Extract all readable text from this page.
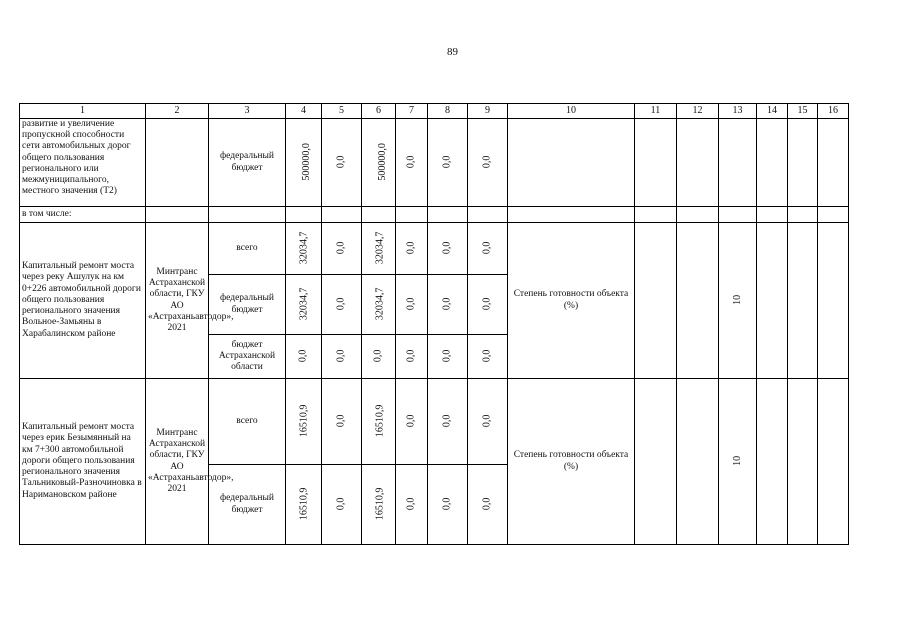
89
1	2	3	4	5	6	7	8	9	10	11	12	13	14	15	16
развитие и увеличение пропускной способности сети автомобильных дорог общего пользования регионального или межмуниципального, местного значения (Т2)		федеральный бюджет	500000,0	0,0	500000,0	0,0	0,0	0,0							
в том числе:															
Капитальный ремонт моста через реку Ашулук на км 0+226 автомобильной дороги общего пользования регионального значения Вольное-Замьяны в Харабалинском районе	Минтранс Астраханской области, ГКУ АО «Астраханьавтодор», 2021	всего	32034,7	0,0	32034,7	0,0	0,0	0,0	Степень готовности объекта (%)			10			
		федеральный бюджет	32034,7	0,0	32034,7	0,0	0,0	0,0							
		бюджет Астраханской области	0,0	0,0	0,0	0,0	0,0	0,0							
Капитальный ремонт моста через ерик Безымянный на км 7+300 автомобильной дороги общего пользования регионального значения Тальниковый-Разночиновка в Наримановском районе	Минтранс Астраханской области, ГКУ АО «Астраханьавтодор», 2021	всего	16510,9	0,0	16510,9	0,0	0,0	0,0	Степень готовности объекта (%)			10			
		федеральный бюджет	16510,9	0,0	16510,9	0,0	0,0	0,0							
